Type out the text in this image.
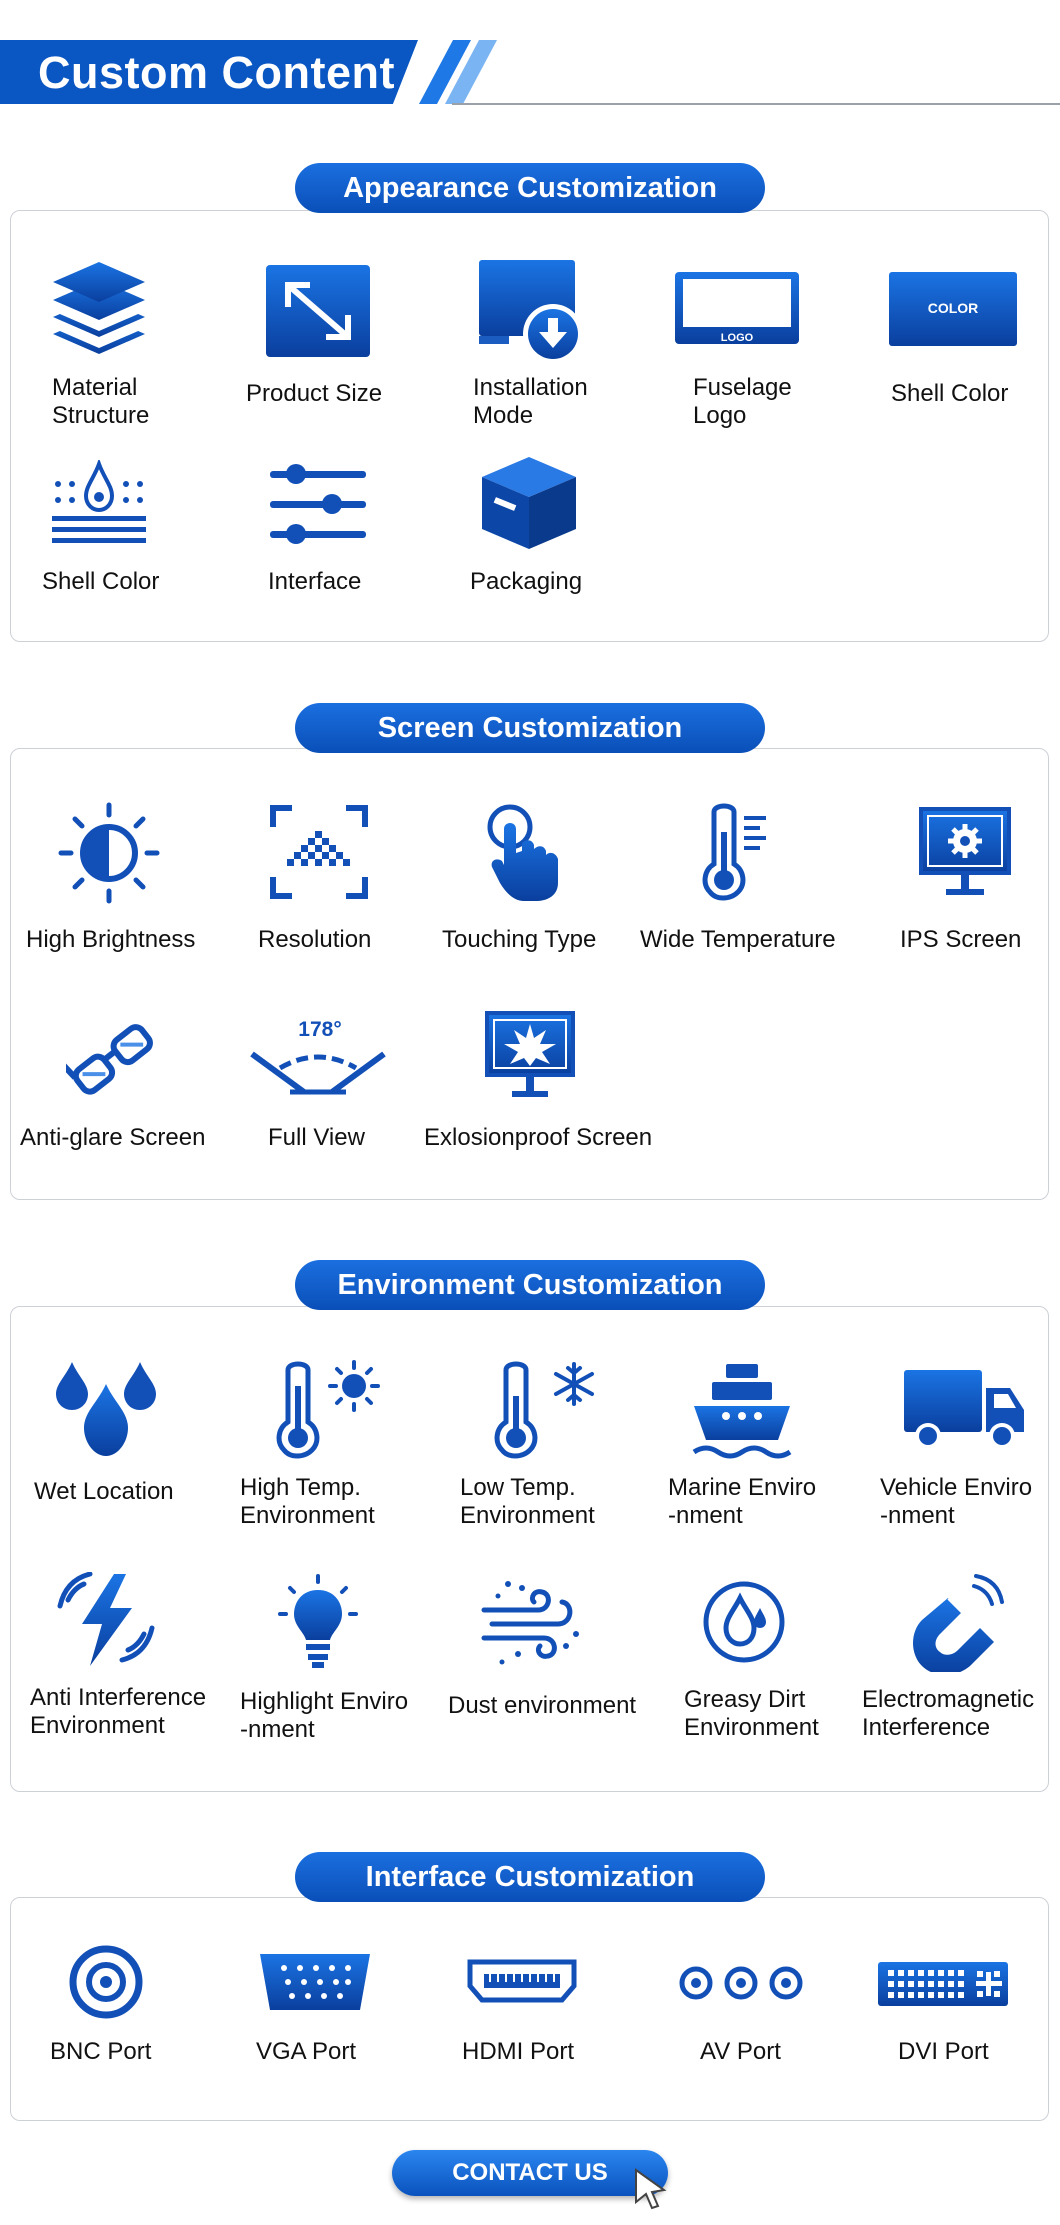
Custom Content
Appearance Customization
Material
Structure
Product Size	Installation
Mode
LOGO
Fuselage
Logo
COLOR
Shell Color
Shell Color	Interface	Packaging
Screen Customization
High Brightness	Resolution	Touching Type Wide Temperature	IPS Screen
Anti-glare Screen
178°
Full View Exlosionproof Screen
Environment Customization
Wet Location	High Temp.
Environment
Low Temp.
Environment
Marine Enviro
-nment
Vehicle Enviro
-nment
Anti Interference
Environment
Highlight Enviro
-nment
Dust environment Greasy Dirt
Environment
Electromagnetic
Interference
Interface Customization
BNC Port	VGA Port	HDMI Port	AV Port	DVI Port
CONTACT US
